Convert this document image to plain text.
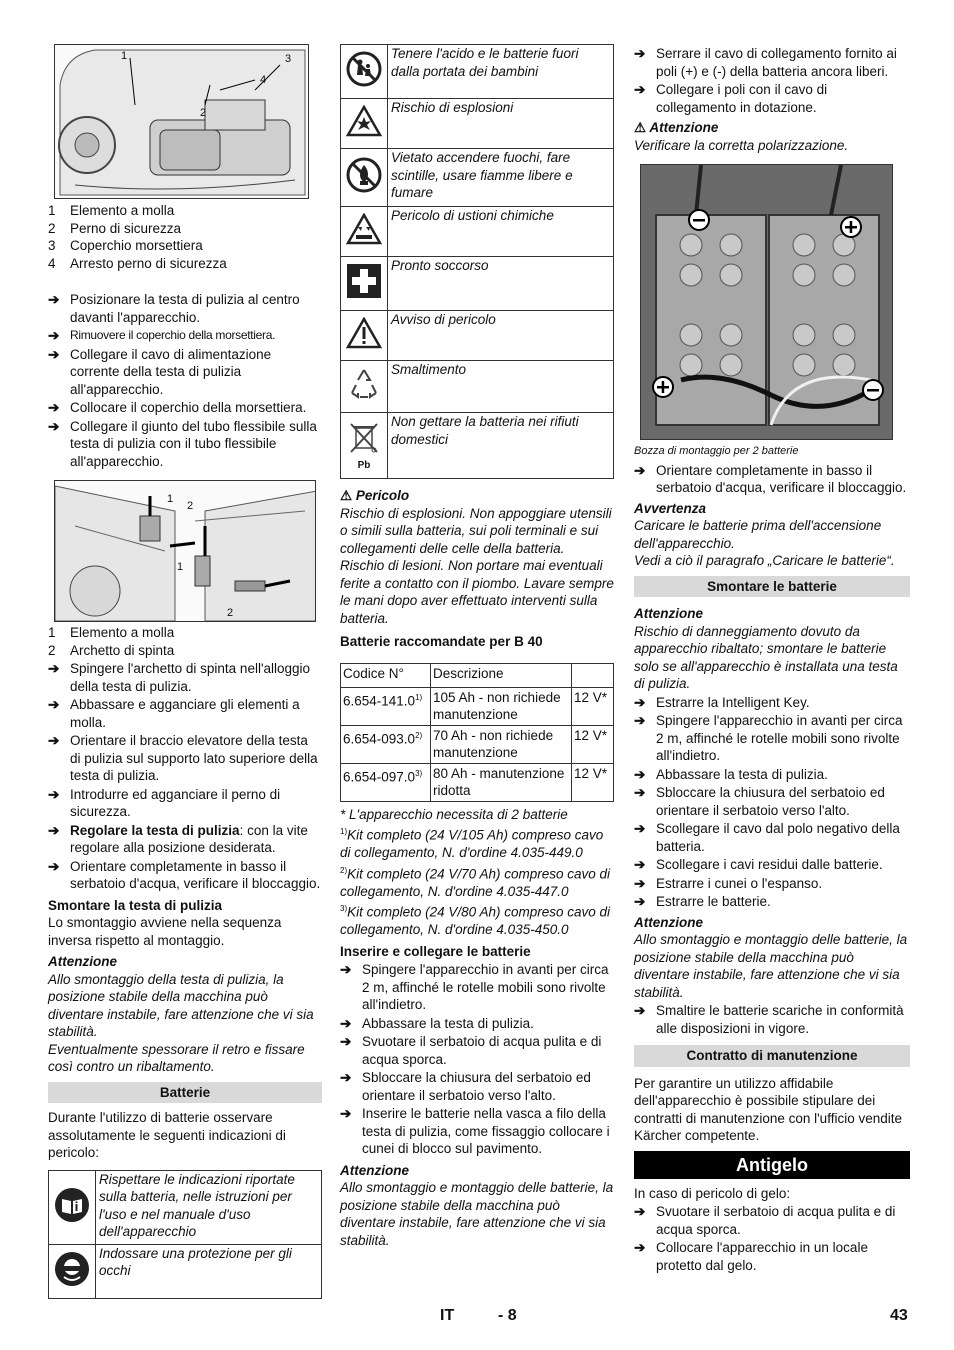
1	3
4
2
1	Elemento a molla
2	Perno di sicurezza
3	Coperchio morsettiera
4	Arresto perno di sicurezza
➔ Posizionare la testa di pulizia al centro davanti l'apparecchio.
➔ Rimuovere il coperchio della morsettiera.
➔ Collegare il cavo di alimentazione corrente della testa di pulizia all'apparecchio.
➔ Collocare il coperchio della morsettiera.
➔ Collegare il giunto del tubo flessibile sulla testa di pulizia con il tubo flessibile all'apparecchio.
1
2
1
2
1	Elemento a molla
2	Archetto di spinta
➔ Spingere l'archetto di spinta nell'alloggio della testa di pulizia.
➔ Abbassare e agganciare gli elementi a molla.
➔ Orientare il braccio elevatore della testa di pulizia sul supporto lato superiore della testa di pulizia.
➔ Introdurre ed agganciare il perno di sicurezza.
➔ Regolare la testa di pulizia: con la vite regolare alla posizione desiderata.
➔ Orientare completamente in basso il serbatoio d'acqua, verificare il bloccaggio.
Smontare la testa di pulizia
Lo smontaggio avviene nella sequenza inversa rispetto al montaggio.
Attenzione
Allo smontaggio della testa di pulizia, la posizione stabile della macchina può diventare instabile, fare attenzione che vi sia stabilità.
Eventualmente spessorare il retro e fissare così contro un ribaltamento.
Batterie
Durante l'utilizzo di batterie osservare assolutamente le seguenti indicazioni di pericolo:
	Rispettare le indicazioni riportate sulla batteria, nelle istruzioni per l'uso e nel manuale d'uso dell'apparecchio
	Indossare una protezione per gli occhi
	Tenere l'acido e le batterie fuori dalla portata dei bambini
	Rischio di esplosioni
	Vietato accendere fuochi, fare scintille, usare fiamme libere e fumare
	Pericolo di ustioni chimiche
	Pronto soccorso
	Avviso di pericolo
	Smaltimento

Pb	Non gettare la batteria nei rifiuti domestici
⚠ Pericolo
Rischio di esplosioni. Non appoggiare utensili o simili sulla batteria, sui poli terminali e sui collegamenti delle celle della batteria.
Rischio di lesioni. Non portare mai eventuali ferite a contatto con il piombo. Lavare sempre le mani dopo aver effettuato interventi sulla batteria.
Batterie raccomandate per B 40
Codice N°	Descrizione	
6.654-141.0$^{1)}$	105 Ah - non richiede manutenzione	12 V*
6.654-093.0$^{2)}$	70 Ah - non richiede manutenzione	12 V*
6.654-097.0$^{3)}$	80 Ah - manutenzione ridotta	12 V*
* L'apparecchio necessita di 2 batterie
$^{1)}$Kit completo (24 V/105 Ah) compreso cavo di collegamento, N. d'ordine 4.035-449.0
$^{2)}$Kit completo (24 V/70 Ah) compreso cavo di collegamento, N. d'ordine 4.035-447.0
$^{3)}$Kit completo (24 V/80 Ah) compreso cavo di collegamento, N. d'ordine 4.035-450.0
Inserire e collegare le batterie
➔ Spingere l'apparecchio in avanti per circa 2 m, affinché le rotelle mobili sono rivolte all'indietro.
➔ Abbassare la testa di pulizia.
➔ Svuotare il serbatoio di acqua pulita e di acqua sporca.
➔ Sbloccare la chiusura del serbatoio ed orientare il serbatoio verso l'alto.
➔ Inserire le batterie nella vasca a filo della testa di pulizia, come fissaggio collocare i cunei di blocco sul pavimento.
Attenzione
Allo smontaggio e montaggio delle batterie, la posizione stabile della macchina può diventare instabile, fare attenzione che vi sia stabilità.
➔ Serrare il cavo di collegamento fornito ai poli (+) e (-) della batteria ancora liberi.
➔ Collegare i poli con il cavo di collegamento in dotazione.
⚠ Attenzione
Verificare la corretta polarizzazione.
Bozza di montaggio per 2 batterie
➔ Orientare completamente in basso il serbatoio d'acqua, verificare il bloccaggio.
Avvertenza
Caricare le batterie prima dell'accensione dell'apparecchio.
Vedi a ciò il paragrafo „Caricare le batterie“.
Smontare le batterie
Attenzione
Rischio di danneggiamento dovuto da apparecchio ribaltato; smontare le batterie solo se all'apparecchio è installata una testa di pulizia.
➔ Estrarre la Intelligent Key.
➔ Spingere l'apparecchio in avanti per circa 2 m, affinché le rotelle mobili sono rivolte all'indietro.
➔ Abbassare la testa di pulizia.
➔ Sbloccare la chiusura del serbatoio ed orientare il serbatoio verso l'alto.
➔ Scollegare il cavo dal polo negativo della batteria.
➔ Scollegare i cavi residui dalle batterie.
➔ Estrarre i cunei o l'espanso.
➔ Estrarre le batterie.
Attenzione
Allo smontaggio e montaggio delle batterie, la posizione stabile della macchina può diventare instabile, fare attenzione che vi sia stabilità.
➔ Smaltire le batterie scariche in conformità alle disposizioni in vigore.
Contratto di manutenzione
Per garantire un utilizzo affidabile dell'apparecchio è possibile stipulare dei contratti di manutenzione con l'ufficio vendite Kärcher competente.
Antigelo
In caso di pericolo di gelo:
➔ Svuotare il serbatoio di acqua pulita e di acqua sporca.
➔ Collocare l'apparecchio in un locale protetto dal gelo.
IT	- 8	43
